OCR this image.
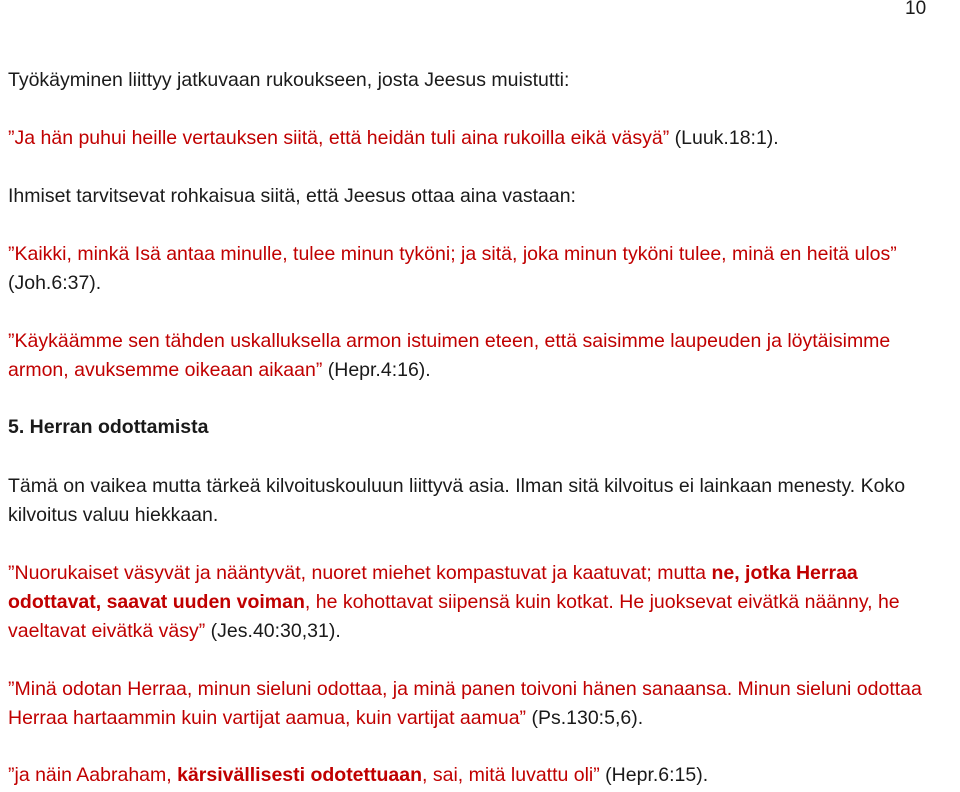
10

Työkäyminen liittyy jatkuvaan rukoukseen, josta Jeesus muistutti:

”Ja hän puhui heille vertauksen siitä, että heidän tuli aina rukoilla eikä väsyä” (Luuk.18:1).

Ihmiset tarvitsevat rohkaisua siitä, että Jeesus ottaa aina vastaan:

”Kaikki, minkä Isä antaa minulle, tulee minun tyköni; ja sitä, joka minun tyköni tulee, minä en heitä ulos” (Joh.6:37).

”Käykäämme sen tähden uskalluksella armon istuimen eteen, että saisimme laupeuden ja löytäisimme armon, avuksemme oikeaan aikaan” (Hepr.4:16).

5. Herran odottamista

Tämä on vaikea mutta tärkeä kilvoituskouluun liittyvä asia. Ilman sitä kilvoitus ei lainkaan menesty. Koko kilvoitus valuu hiekkaan.

”Nuorukaiset väsyvät ja nääntyvät, nuoret miehet kompastuvat ja kaatuvat; mutta ne, jotka Herraa odottavat, saavat uuden voiman, he kohottavat siipensä kuin kotkat. He juoksevat eivätkä näänny, he vaeltavat eivätkä väsy” (Jes.40:30,31).

”Minä odotan Herraa, minun sieluni odottaa, ja minä panen toivoni hänen sanaansa. Minun sieluni odottaa Herraa hartaammin kuin vartijat aamua, kuin vartijat aamua” (Ps.130:5,6).

”ja näin Aabraham, kärsivällisesti odotettuaan, sai, mitä luvattu oli” (Hepr.6:15).
